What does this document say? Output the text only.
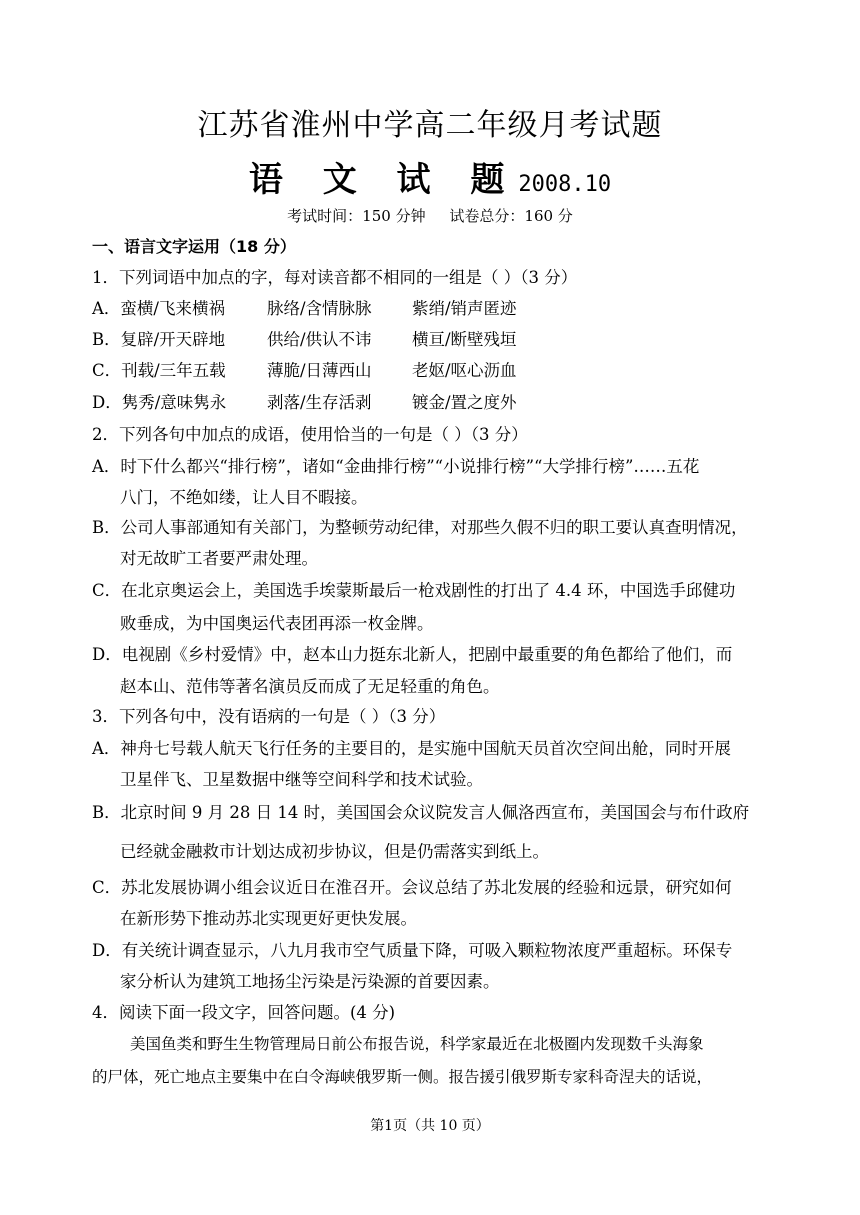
江苏省淮州中学高二年级月考试题
语 文 试 题2008.10
考试时间：150 分钟     试卷总分：160 分
一、语言文字运用（18 分）
1．下列词语中加点的字，每对读音都不相同的一组是（ ）（3 分）
A．蛮横/飞来横祸	脉络/含情脉脉 紫绡/销声匿迹
B．复辟/开天辟地	供给/供认不讳 横亘/断壁残垣
C．刊载/三年五载	薄脆/日薄西山 老妪/呕心沥血
D．隽秀/意味隽永 剥落/生存活剥 镀金/置之度外
2．下列各句中加点的成语，使用恰当的一句是（ ）（3 分）
A．时下什么都兴“排行榜”，诸如“金曲排行榜”“小说排行榜”“大学排行榜”……五花
八门，不绝如缕，让人目不暇接。
B．公司人事部通知有关部门，为整顿劳动纪律，对那些久假不归的职工要认真查明情况，
对无故旷工者要严肃处理。
C．在北京奥运会上，美国选手埃蒙斯最后一枪戏剧性的打出了 4.4 环，中国选手邱健功
败垂成，为中国奥运代表团再添一枚金牌。
D．电视剧《乡村爱情》中，赵本山力挺东北新人，把剧中最重要的角色都给了他们，而
赵本山、范伟等著名演员反而成了无足轻重的角色。
3．下列各句中，没有语病的一句是（ ）（3 分）
A．神舟七号载人航天飞行任务的主要目的，是实施中国航天员首次空间出舱，同时开展
卫星伴飞、卫星数据中继等空间科学和技术试验。
B．北京时间 9 月 28 日 14 时，美国国会众议院发言人佩洛西宣布，美国国会与布什政府
已经就金融救市计划达成初步协议，但是仍需落实到纸上。
C．苏北发展协调小组会议近日在淮召开。会议总结了苏北发展的经验和远景，研究如何
在新形势下推动苏北实现更好更快发展。
D．有关统计调查显示，八九月我市空气质量下降，可吸入颗粒物浓度严重超标。环保专
家分析认为建筑工地扬尘污染是污染源的首要因素。
4．阅读下面一段文字，回答问题。(4 分)
美国鱼类和野生生物管理局日前公布报告说，科学家最近在北极圈内发现数千头海象
的尸体，死亡地点主要集中在白令海峡俄罗斯一侧。报告援引俄罗斯专家科奇涅夫的话说，
第1页（共 10 页）
